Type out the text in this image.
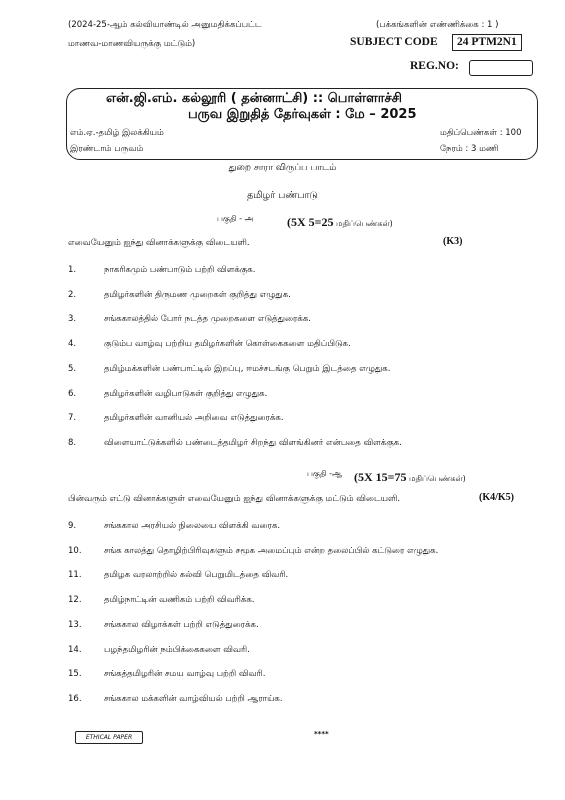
(2024-25-ஆம் கல்வியாண்டில் அனுமதிக்கப்பட்ட
மாணவ-மாணவியருக்கு மட்டும்)
(பக்கங்களின் எண்ணிக்கை : 1 )
SUBJECT CODE	24 PTM2N1
REG.NO:
என்.ஜி.எம். கல்லூரி ( தன்னாட்சி) :: பொள்ளாச்சி
பருவ இறுதித் தேர்வுகள் : மே – 2025
எம்.ஏ.-தமிழ் இலக்கியம்
இரண்டாம் பருவம்
மதிப்பெண்கள் : 100
நேரம் : 3 மணி
துறை சாரா விருப்ப பாடம்
தமிழர் பண்பாடு
பகுதி - அ	(5X 5=25 மதிப்பெண்கள்)
எவையேனும் ஐந்து வினாக்களுக்கு விடையளி.	(K3)
1.	நாகரிகமும் பண்பாடும் பற்றி விளக்குக.
2.	தமிழர்களின் திருமண முறைகள் குறித்து எழுதுக.
3.	சங்ககாலத்தில் போர் நடத்த முறைகளை எடுத்துரைக்க.
4.	குடும்ப வாழ்வு பற்றிய தமிழர்களின் கொள்கைகளை மதிப்பிடுக.
5.	தமிழ்மக்களின் பண்பாட்டில் இறப்பு, ஈமச்சடங்கு பெறும் இடத்தை எழுதுக.
6.	தமிழர்களின் வழிபாடுகள் குறித்து எழுதுக.
7.	தமிழர்களின் வானியல் அறிவை எடுத்துரைக்க.
8.	விளையாட்டுக்களில் பண்டைத்தமிழர் சிறந்து விளங்கினர் என்பதை விளக்குக.
பகுதி -ஆ (5X 15=75 மதிப்பெண்கள்)
பின்வரும் எட்டு வினாக்களுள் எவையேனும் ஐந்து வினாக்களுக்கு மட்டும் விடையளி.	(K4/K5)
9.	சங்ககால அரசியல் நிலையை விளக்கி வரைக.
10.	சங்க காலத்து தொழிற்பிரிவுகளும் சமூக அமைப்பும் என்ற தலைப்பில் கட்டுரை எழுதுக.
11.	தமிழக வரலாற்றில் கல்வி பெறுமிடத்தை விவரி.
12.	தமிழ்நாட்டின் வணிகம் பற்றி விவரிக்க.
13.	சங்ககால விழாக்கள் பற்றி எடுத்துரைக்க.
14.	பழந்தமிழரின் நம்பிக்கைகளை விவரி.
15.	சங்கத்தமிழரின் சமய வாழ்வு பற்றி விவரி.
16.	சங்ககால மக்களின் வாழ்வியல் பற்றி ஆராய்க.
ETHICAL PAPER	****
